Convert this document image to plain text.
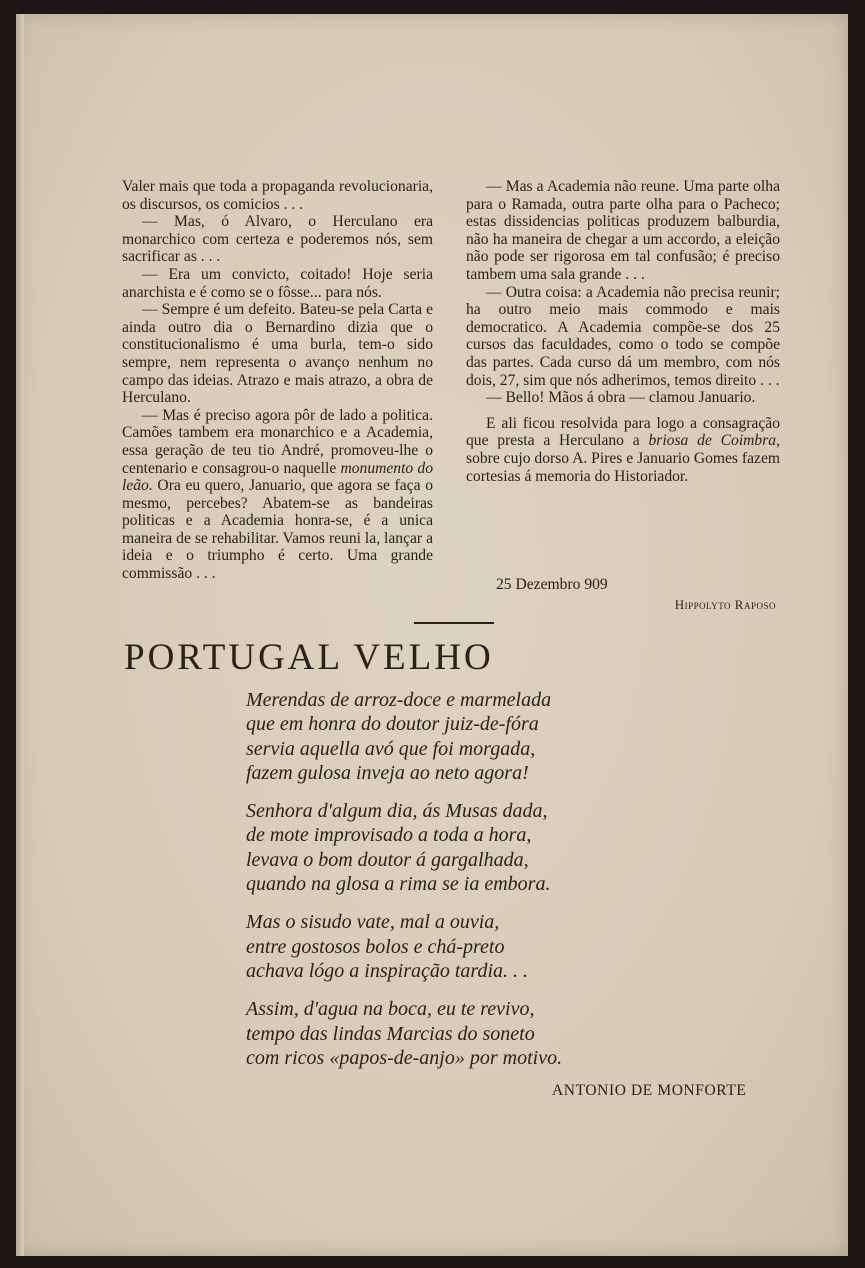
Valer mais que toda a propaganda revolucionaria, os discursos, os comicios . . .

— Mas, ó Alvaro, o Herculano era monarchico com certeza e poderemos nós, sem sacrificar as . . .

— Era um convicto, coitado! Hoje seria anarchista e é como se o fôsse... para nós.

— Sempre é um defeito. Bateu-se pela Carta e ainda outro dia o Bernardino dizia que o constitucionalismo é uma burla, tem-o sido sempre, nem representa o avanço nenhum no campo das ideias. Atrazo e mais atrazo, a obra de Herculano.

— Mas é preciso agora pôr de lado a politica. Camões tambem era monarchico e a Academia, essa geração de teu tio André, promoveu-lhe o centenario e consagrou-o naquelle monumento do leão. Ora eu quero, Januario, que agora se faça o mesmo, percebes? Abatem-se as bandeiras politicas e a Academia honra-se, é a unica maneira de se rehabilitar. Vamos reuni la, lançar a ideia e o triumpho é certo. Uma grande commissão . . .

— Mas a Academia não reune. Uma parte olha para o Ramada, outra parte olha para o Pacheco; estas dissidencias politicas produzem balburdia, não ha maneira de chegar a um accordo, a eleição não pode ser rigorosa em tal confusão; é preciso tambem uma sala grande . . .

— Outra coisa: a Academia não precisa reunir; ha outro meio mais commodo e mais democratico. A Academia compõe-se dos 25 cursos das faculdades, como o todo se compõe das partes. Cada curso dá um membro, com nós dois, 27, sim que nós adherimos, temos direito . . .

— Bello! Mãos á obra — clamou Januario.

E ali ficou resolvida para logo a consagração que presta a Herculano a briosa de Coimbra, sobre cujo dorso A. Pires e Januario Gomes fazem cortesias á memoria do Historiador.

25 Dezembro 909
Hippolyto Raposo
PORTUGAL VELHO
Merendas de arroz-doce e marmelada
que em honra do doutor juiz-de-fóra
servia aquella avó que foi morgada,
fazem gulosa inveja ao neto agora!
Senhora d'algum dia, ás Musas dada,
de mote improvisado a toda a hora,
levava o bom doutor á gargalhada,
quando na glosa a rima se ia embora.
Mas o sisudo vate, mal a ouvia,
entre gostosos bolos e chá-preto
achava lógo a inspiração tardia. . .
Assim, d'agua na boca, eu te revivo,
tempo das lindas Marcias do soneto
com ricos «papos-de-anjo» por motivo.
ANTONIO DE MONFORTE
